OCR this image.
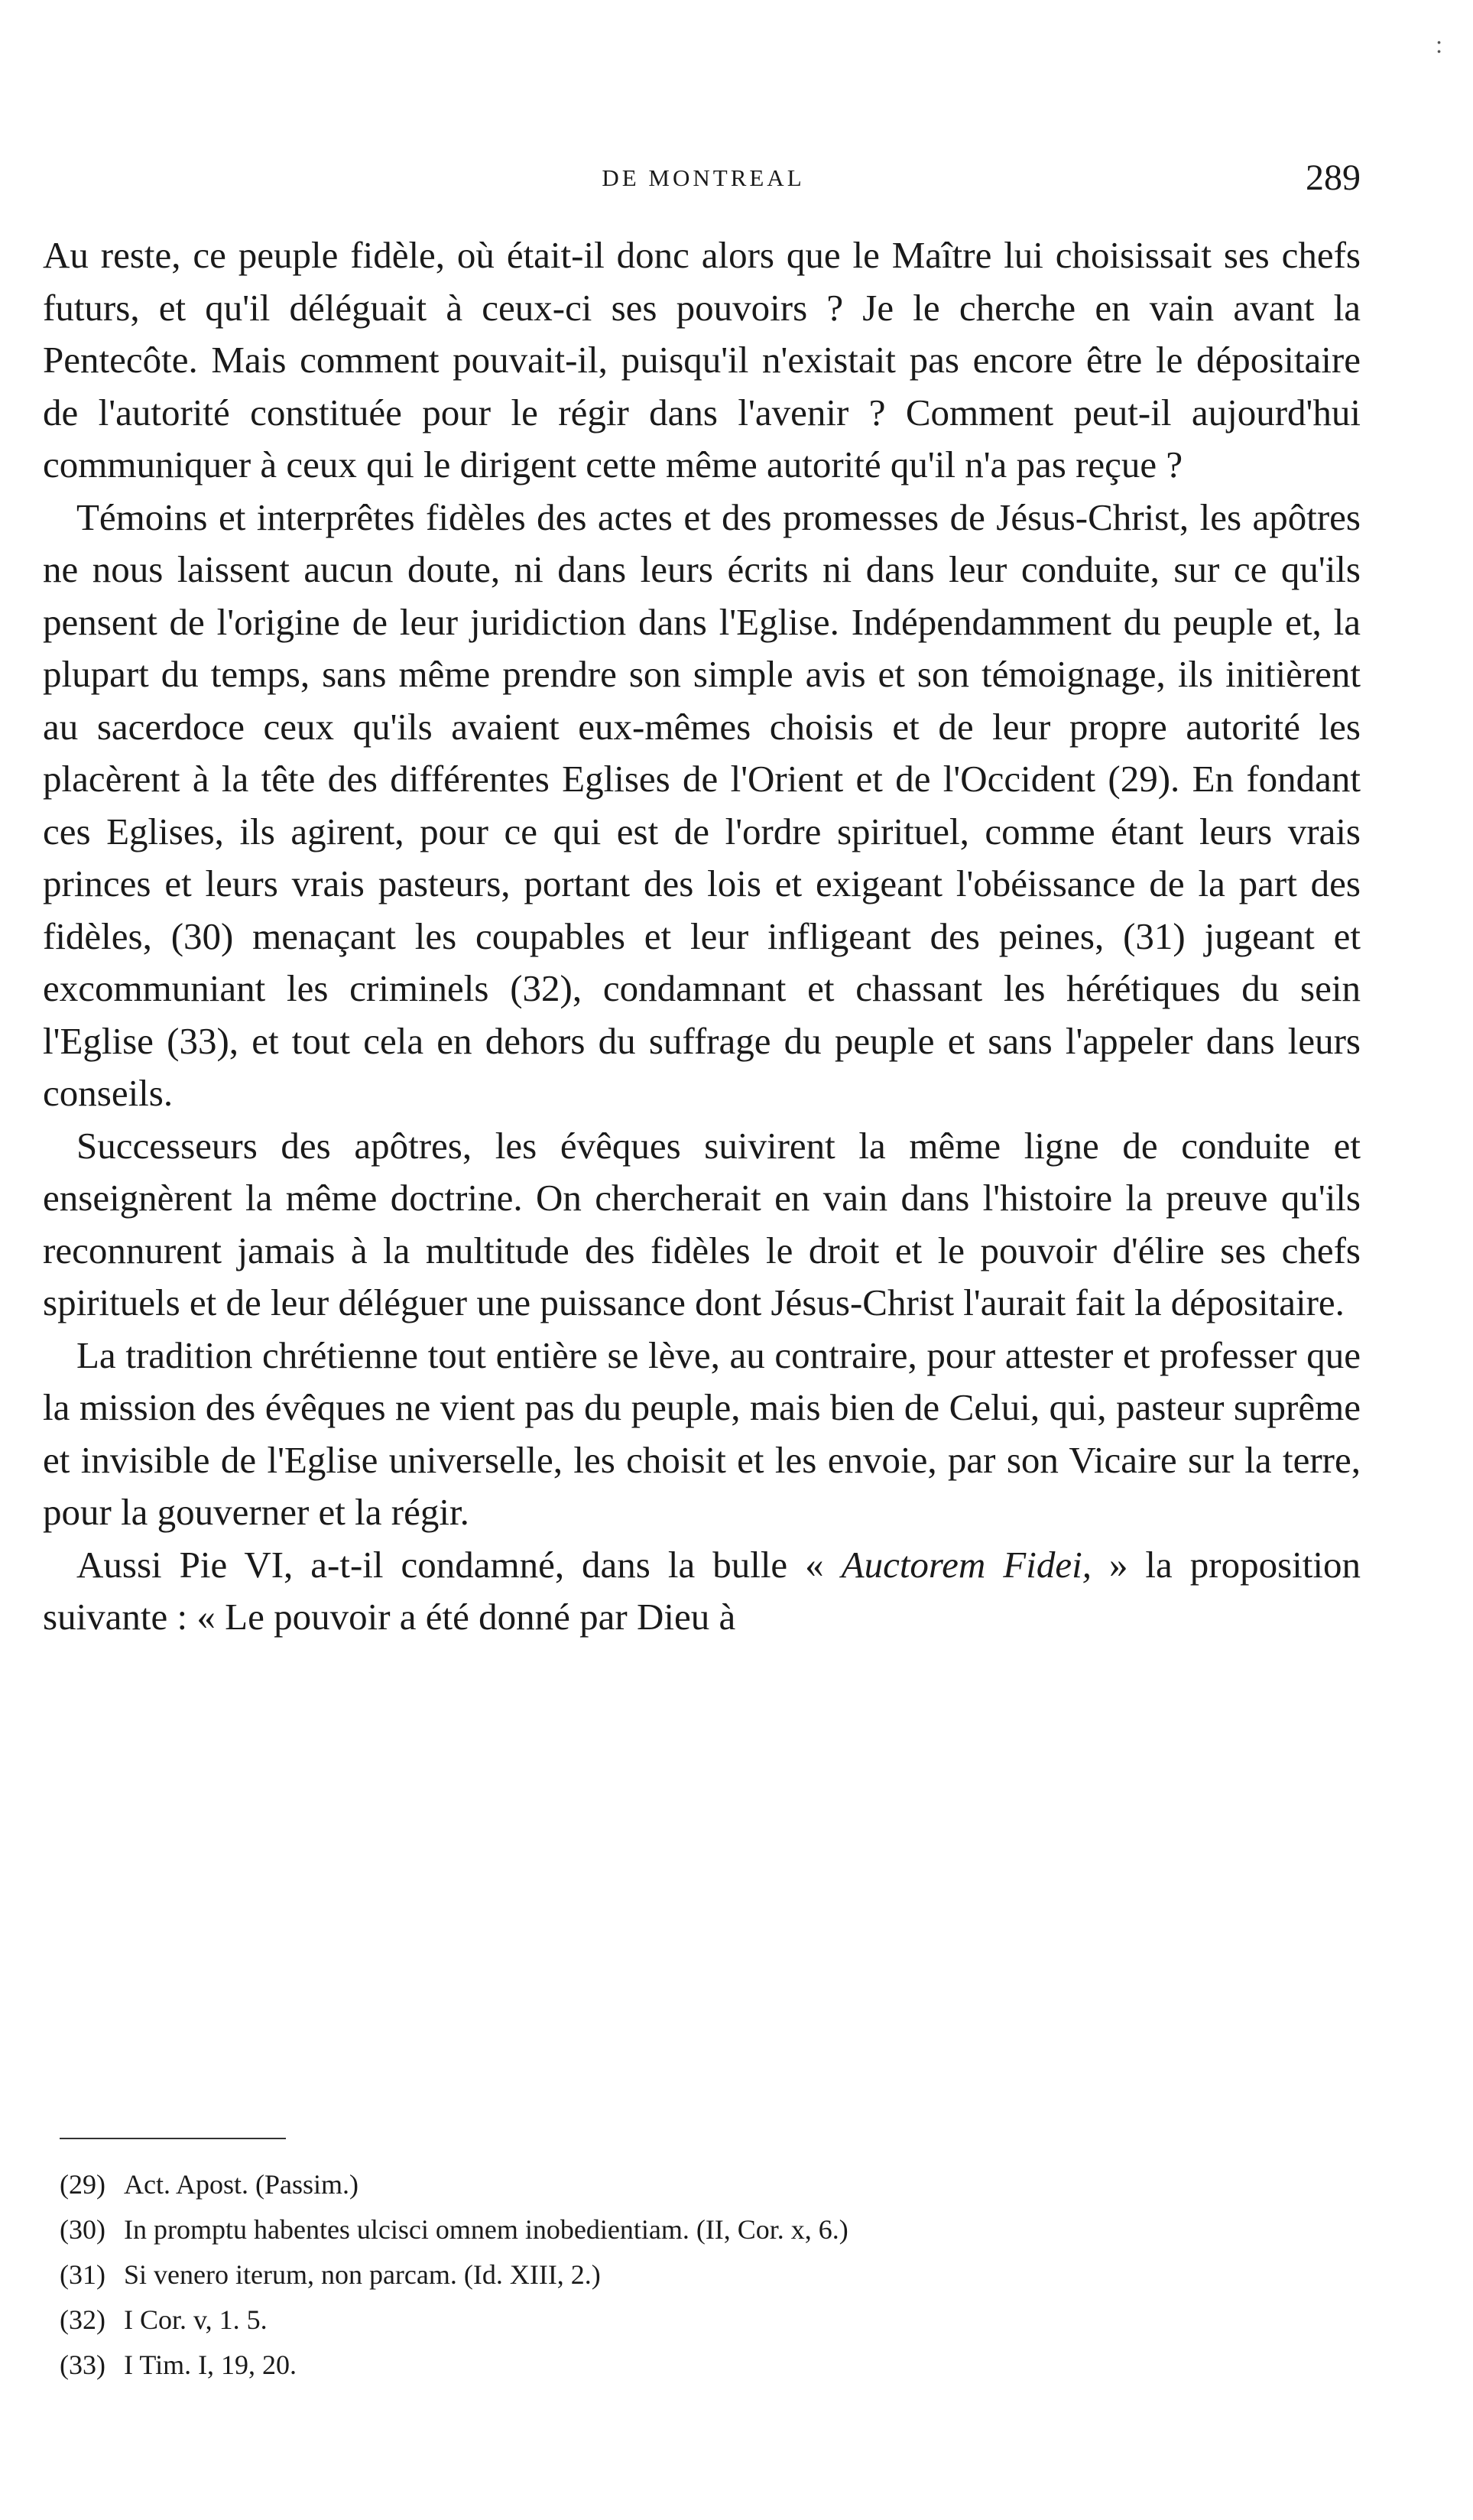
:
DE MONTREAL	289

Au reste, ce peuple fidèle, où était-il donc alors que le Maître lui choisissait ses chefs futurs, et qu'il déléguait à ceux-ci ses pouvoirs ? Je le cherche en vain avant la Pentecôte. Mais comment pouvait-il, puisqu'il n'existait pas encore être le dépositaire de l'autorité constituée pour le régir dans l'avenir ? Comment peut-il aujourd'hui communiquer à ceux qui le dirigent cette même autorité qu'il n'a pas reçue ?

Témoins et interprêtes fidèles des actes et des promesses de Jésus-Christ, les apôtres ne nous laissent aucun doute, ni dans leurs écrits ni dans leur conduite, sur ce qu'ils pensent de l'origine de leur juridiction dans l'Eglise. Indépendamment du peuple et, la plupart du temps, sans même prendre son simple avis et son témoignage, ils initièrent au sacerdoce ceux qu'ils avaient eux-mêmes choisis et de leur propre autorité les placèrent à la tête des différentes Eglises de l'Orient et de l'Occident (29). En fondant ces Eglises, ils agirent, pour ce qui est de l'ordre spirituel, comme étant leurs vrais princes et leurs vrais pasteurs, portant des lois et exigeant l'obéissance de la part des fidèles, (30) menaçant les coupables et leur infligeant des peines, (31) jugeant et excommuniant les criminels (32), condamnant et chassant les hérétiques du sein l'Eglise (33), et tout cela en dehors du suffrage du peuple et sans l'appeler dans leurs conseils.

Successeurs des apôtres, les évêques suivirent la même ligne de conduite et enseignèrent la même doctrine. On chercherait en vain dans l'histoire la preuve qu'ils reconnurent jamais à la multitude des fidèles le droit et le pouvoir d'élire ses chefs spirituels et de leur déléguer une puissance dont Jésus-Christ l'aurait fait la dépositaire.

La tradition chrétienne tout entière se lève, au contraire, pour attester et professer que la mission des évêques ne vient pas du peuple, mais bien de Celui, qui, pasteur suprême et invisible de l'Eglise universelle, les choisit et les envoie, par son Vicaire sur la terre, pour la gouverner et la régir.

Aussi Pie VI, a-t-il condamné, dans la bulle « Auctorem Fidei, » la proposition suivante : « Le pouvoir a été donné par Dieu à

(29) Act. Apost. (Passim.)

(30) In promptu habentes ulcisci omnem inobedientiam. (II, Cor. x, 6.)

(31) Si venero iterum, non parcam. (Id. XIII, 2.)

(32) I Cor. v, 1. 5.

(33) I Tim. I, 19, 20.
